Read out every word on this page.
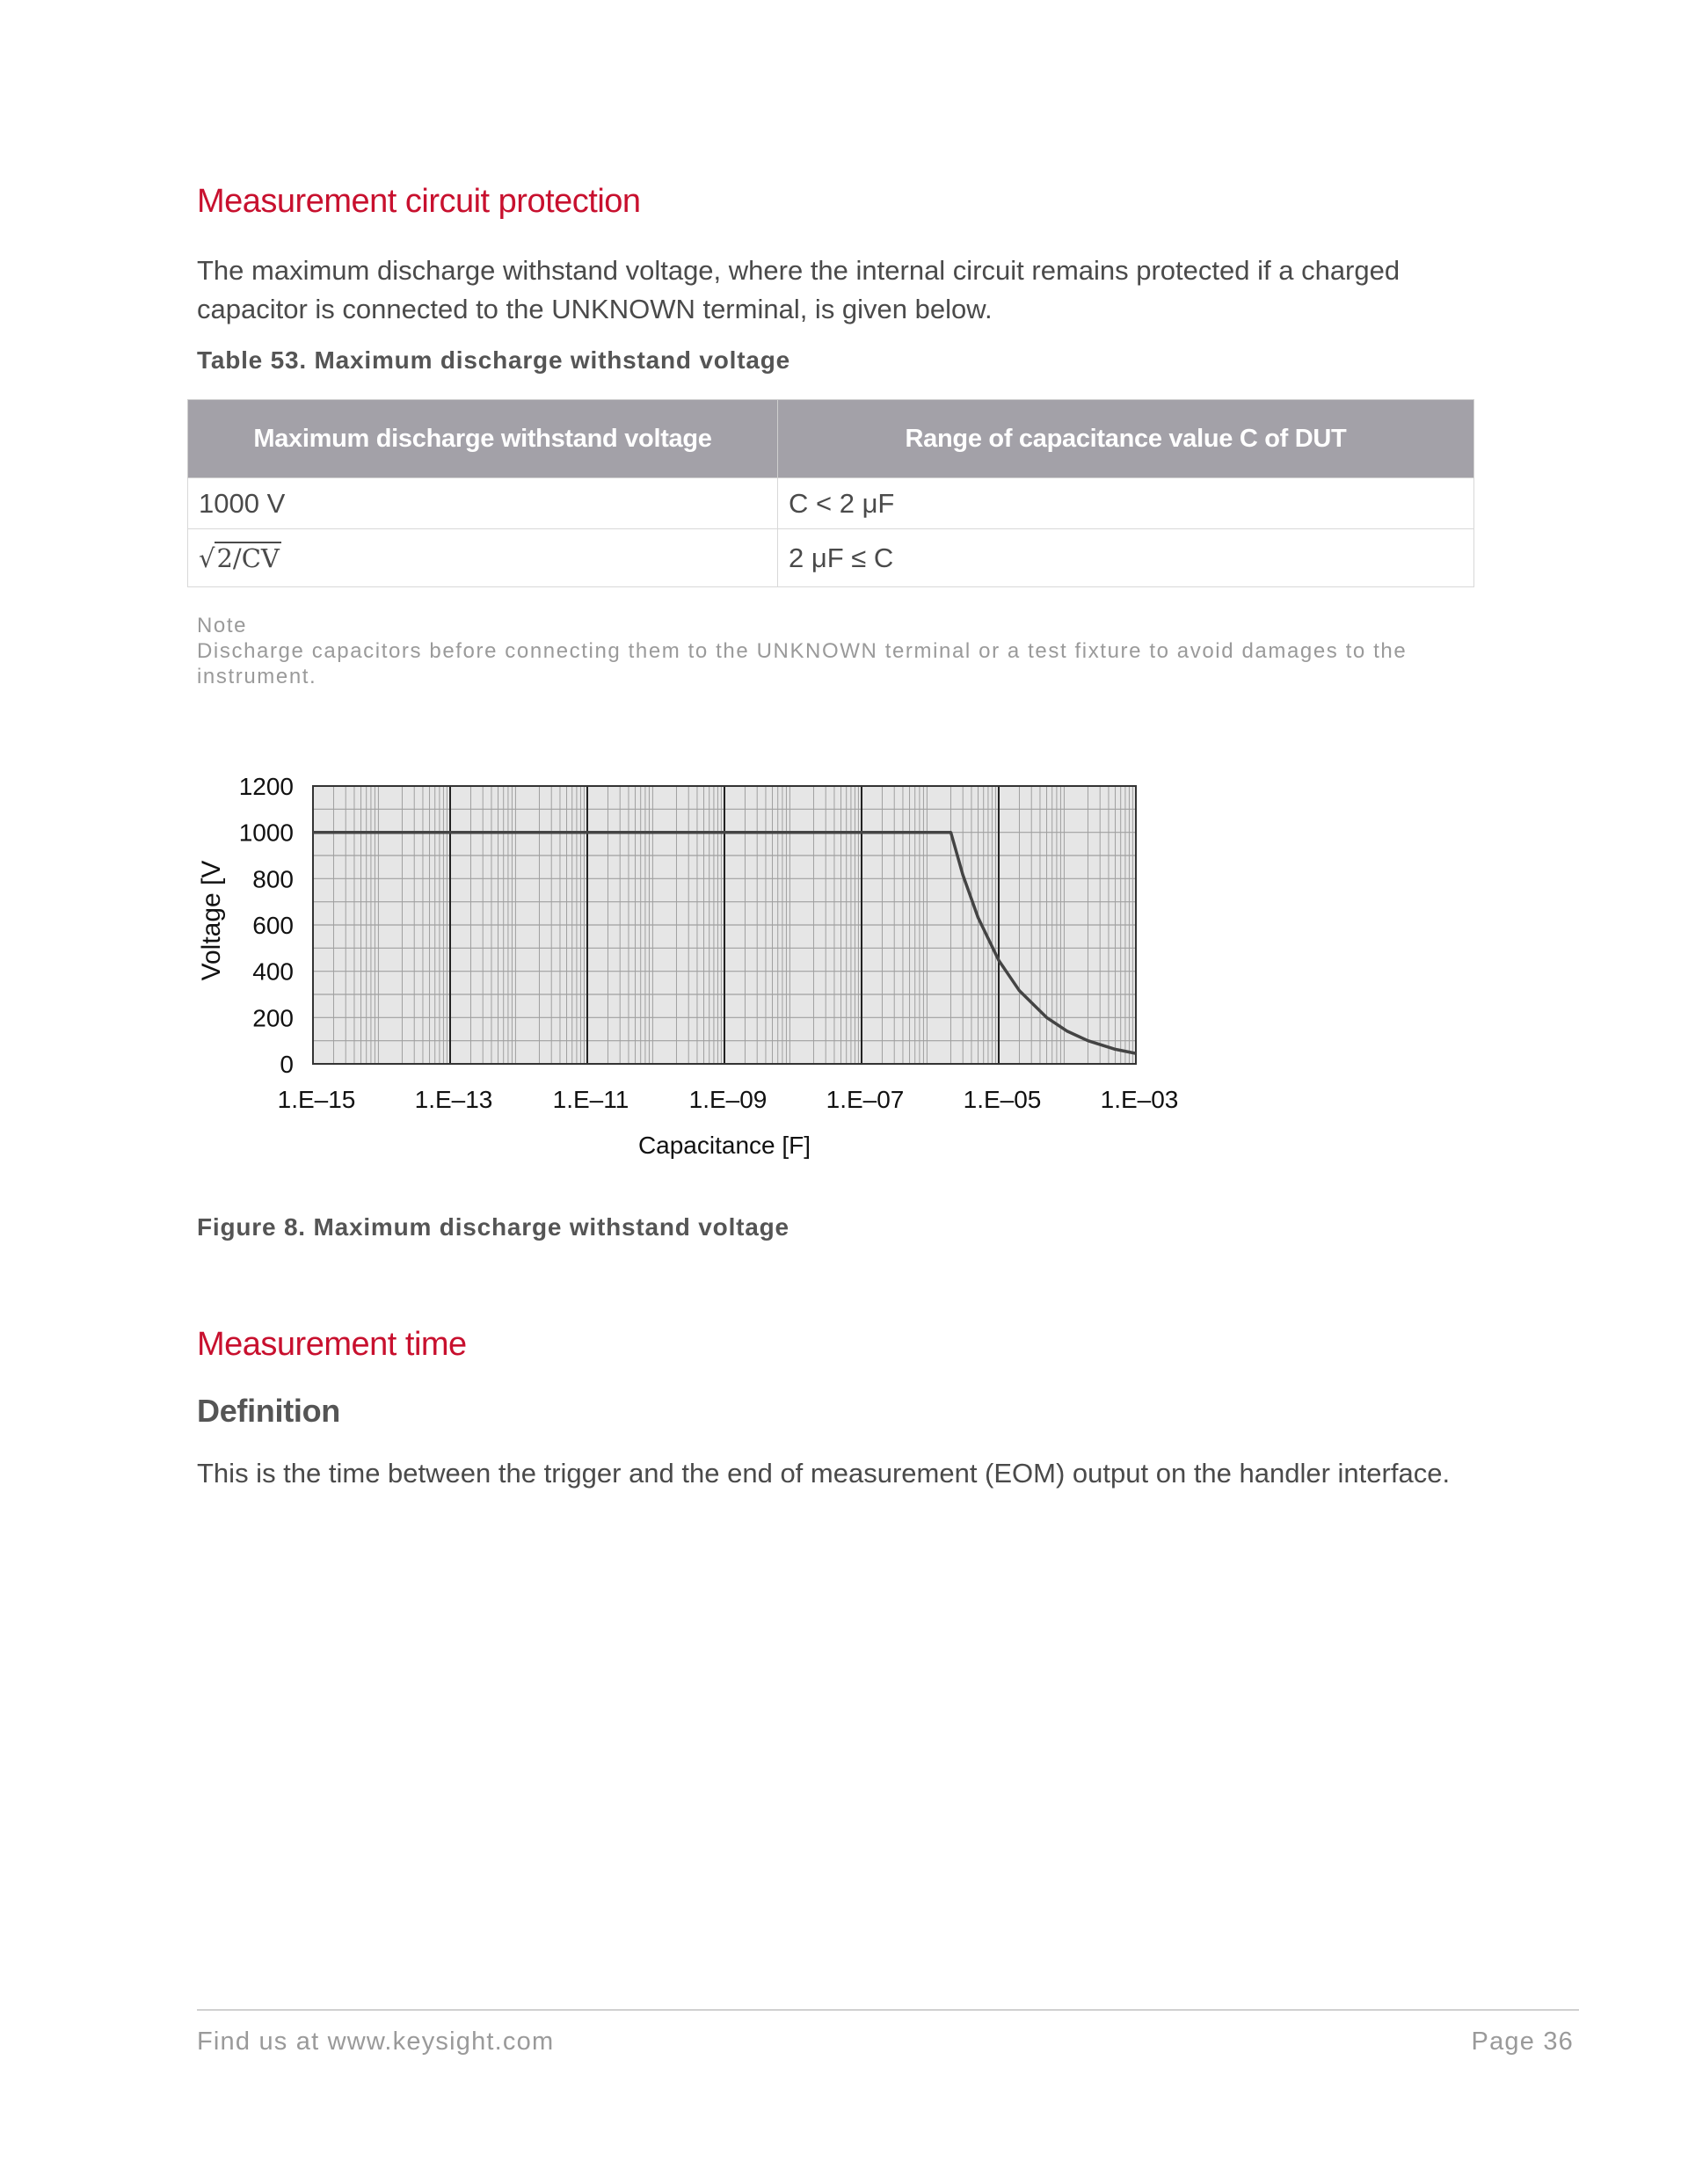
Measurement circuit protection
The maximum discharge withstand voltage, where the internal circuit remains protected if a charged
capacitor is connected to the UNKNOWN terminal, is given below.
Table 53. Maximum discharge withstand voltage
Maximum discharge withstand voltage	Range of capacitance value C of DUT
1000 V	C < 2 μF
√2/CV	2 μF ≤ C
Note
Discharge capacitors before connecting them to the UNKNOWN terminal or a test fixture to avoid damages to the instrument.
0
200
400
600
800
1000
1200
1.E–15 1.E–13 1.E–11 1.E–09 1.E–07 1.E–05 1.E–03
Capacitance [F]
Voltage [V
Figure 8. Maximum discharge withstand voltage
Measurement time
Definition
This is the time between the trigger and the end of measurement (EOM) output on the handler interface.
Find us at www.keysight.com	Page 36
